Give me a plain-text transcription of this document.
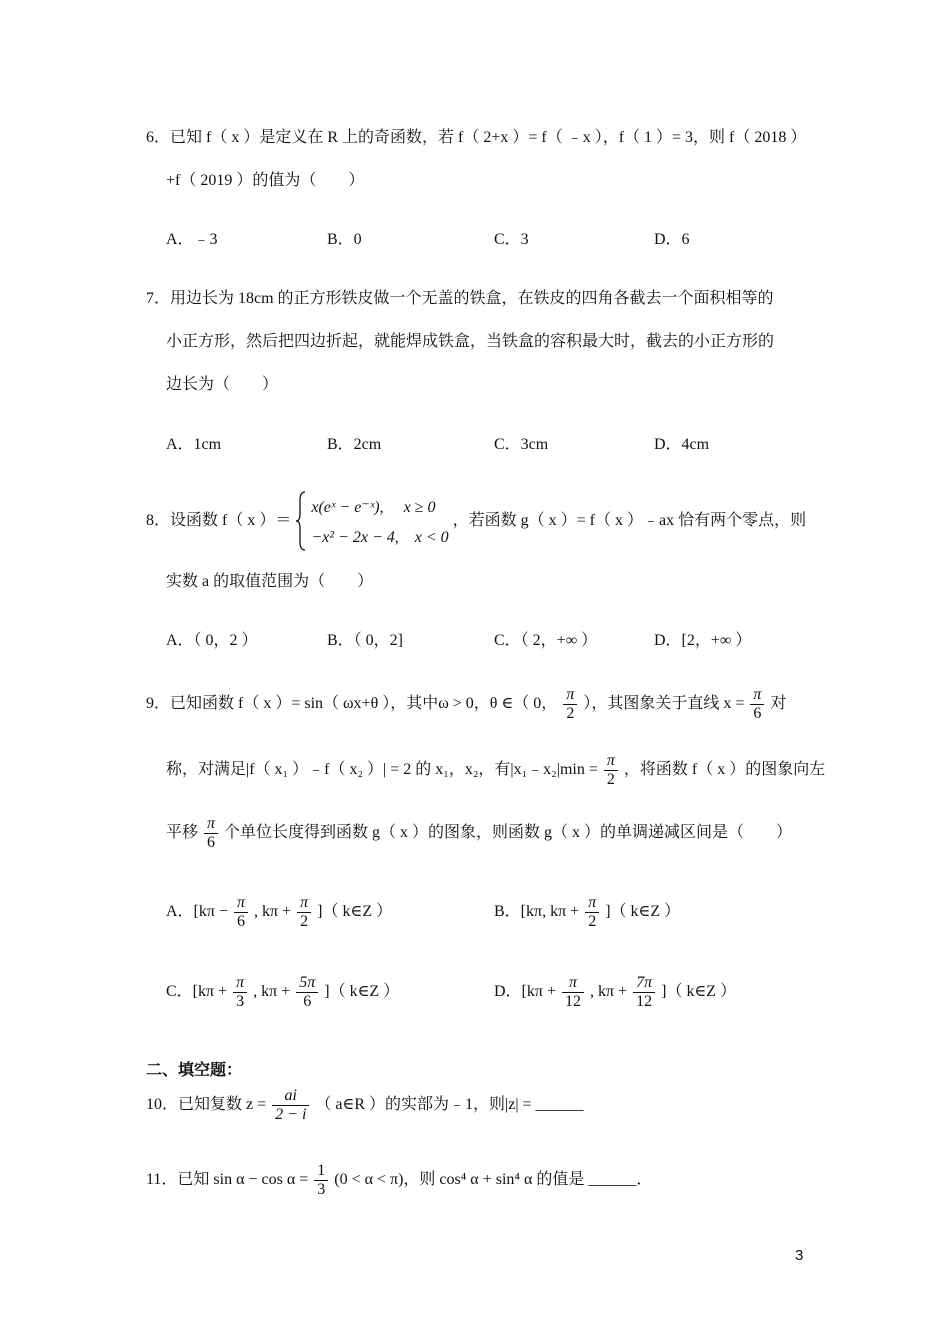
6．已知 f（ x ）是定义在 R 上的奇函数，若 f（ 2+x ）= f（ ﹣x ），f（ 1 ）= 3，则 f（ 2018 ）
+f（ 2019 ）的值为（　　）
A．﹣3	B．0	C．3	D．6
7．用边长为 18cm 的正方形铁皮做一个无盖的铁盒，在铁皮的四角各截去一个面积相等的
小正方形，然后把四边折起，就能焊成铁盒，当铁盒的容积最大时，截去的小正方形的
边长为（　　）
A．1cm	B．2cm	C．3cm	D．4cm
8．设函数 f（ x ）＝
x(eˣ − e⁻ˣ),　 x ≥ 0
−x² − 2x − 4,　x < 0
，若函数 g（ x ）= f（ x ）﹣ax 恰有两个零点，则
实数 a 的取值范围为（　　）
A．（ 0，2 ）	B．（ 0，2]	C．（ 2，+∞ ）	D．[2，+∞ ）
9．已知函数 f（ x ）= sin（ ωx+θ ），其中ω > 0，θ ∈（ 0， $\frac{\pi}{2}$ ），其图象关于直线 $x = \frac{\pi}{6}$ 对
称，对满足|f（ x₁ ）﹣f（ x₂ ）| = 2 的 x₁，x₂，有|x₁﹣x₂|min = $\frac{\pi}{2}$ ，将函数 f（ x ）的图象向左
平移 $\frac{\pi}{6}$ 个单位长度得到函数 g（ x ）的图象，则函数 g（ x ）的单调递减区间是（　　）
A．[$k\pi - \frac{\pi}{6}$ , $k\pi + \frac{\pi}{2}$ ]（ k∈Z ）	B．[kπ, $k\pi + \frac{\pi}{2}$ ]（ k∈Z ）
C．[$k\pi + \frac{\pi}{3}$ , $k\pi + \frac{5\pi}{6}$ ]（ k∈Z ）	D．[$k\pi + \frac{\pi}{12}$ , $k\pi + \frac{7\pi}{12}$ ]（ k∈Z ）
二、填空题：
10．已知复数 $z = \frac{ai}{2 - i}$ （ a∈R ）的实部为﹣1，则|z| = ______
11．已知 $\sin \alpha - \cos \alpha = \frac{1}{3} (0 < \alpha < \pi)$，则 cos⁴ α + sin⁴ α 的值是 ______．
3
